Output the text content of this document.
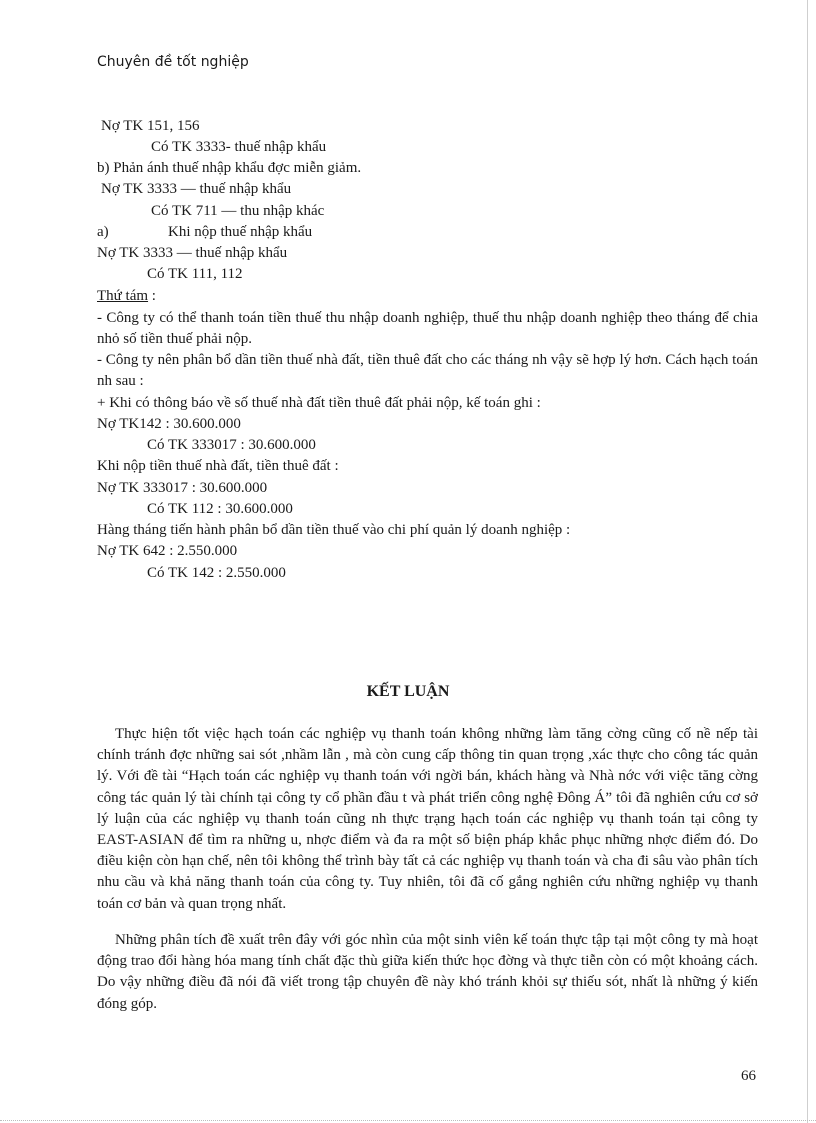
Chuyên đề tốt nghiệp
Nợ TK 151, 156
Có TK 3333- thuế nhập khẩu
b) Phản ánh thuế nhập khẩu đợc miễn giảm.
Nợ TK 3333 — thuế nhập khẩu
Có TK 711 — thu nhập khác
a)	Khi nộp thuế nhập khẩu
Nợ TK 3333 — thuế nhập khẩu
Có TK 111, 112
Thứ tám :
- Công ty có thể thanh toán tiền thuế thu nhập doanh nghiệp, thuế thu nhập doanh nghiệp theo tháng để chia nhỏ số tiền thuế phải nộp.
- Công ty nên phân bổ dần tiền thuế nhà đất, tiền thuê đất cho các tháng nh vậy sẽ hợp lý hơn. Cách hạch toán nh sau :
+ Khi có thông báo về số thuế nhà đất tiền thuê đất phải nộp, kế toán ghi :
Nợ TK142 : 30.600.000
Có TK 333017 : 30.600.000
Khi nộp tiền thuế nhà đất, tiền thuê đất :
Nợ TK 333017 : 30.600.000
Có TK 112 : 30.600.000
Hàng tháng tiến hành phân bổ dần tiền thuế vào chi phí quản lý doanh nghiệp :
Nợ TK 642 : 2.550.000
Có TK 142 : 2.550.000
KẾT LUẬN
Thực hiện tốt việc hạch toán các nghiệp vụ thanh toán không những làm tăng cờng cũng cố nề nếp tài chính tránh đợc những sai sót ,nhầm lẫn , mà còn cung cấp thông tin quan trọng ,xác thực cho công tác quản lý. Với đề tài “Hạch toán các nghiệp vụ thanh toán với ngời bán, khách hàng và Nhà nớc với việc tăng cờng công tác quản lý tài chính tại công ty cổ phần đầu t và phát triển công nghệ Đông Á” tôi đã nghiên cứu cơ sở lý luận của các nghiệp vụ thanh toán cũng nh thực trạng hạch toán các nghiệp vụ thanh toán tại công ty EAST-ASIAN để tìm ra những u, nhợc điểm và đa ra một số biện pháp khắc phục những nhợc điểm đó. Do điều kiện còn hạn chế, nên tôi không thể trình bày tất cả các nghiệp vụ thanh toán và cha đi sâu vào phân tích nhu cầu và khả năng thanh toán của công ty. Tuy nhiên, tôi đã cố gắng nghiên cứu những nghiệp vụ thanh toán cơ bản và quan trọng nhất.
Những phân tích đề xuất trên đây với góc nhìn của một sinh viên kế toán thực tập tại một công ty mà hoạt động trao đổi hàng hóa mang tính chất đặc thù giữa kiến thức học đờng và thực tiễn còn có một khoảng cách. Do vậy những điều đã nói đã viết trong tập chuyên đề này khó tránh khỏi sự thiếu sót, nhất là những ý kiến đóng góp.
66
